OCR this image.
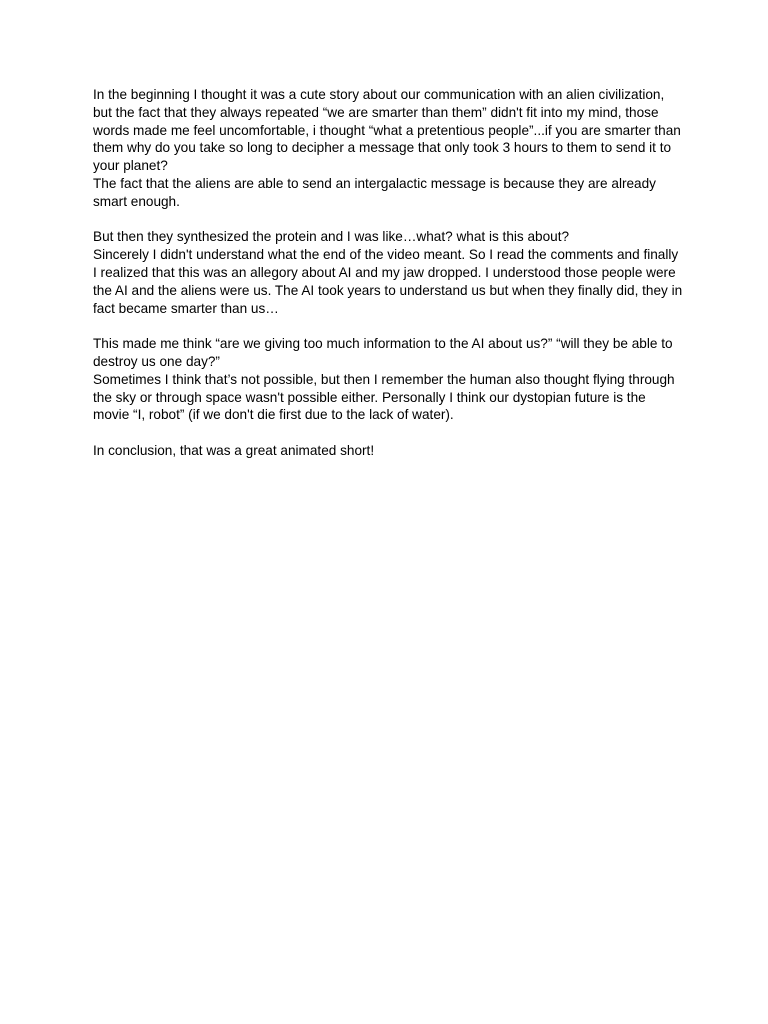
In the beginning I thought it was a cute story about our communication with an alien civilization, but the fact that they always repeated “we are smarter than them” didn't fit into my mind, those words made me feel uncomfortable, i thought “what a pretentious people”...if you are smarter than them why do you take so long to decipher a message that only took 3 hours to them to send it to your planet?

The fact that the aliens are able to send an intergalactic message is because they are already smart enough.

But then they synthesized the protein and I was like…what? what is this about?

Sincerely I didn't understand what the end of the video meant. So I read the comments and finally I realized that this was an allegory about AI and my jaw dropped. I understood those people were the AI and the aliens were us. The AI took years to understand us but when they finally did, they in fact became smarter than us…

This made me think “are we giving too much information to the AI about us?” “will they be able to destroy us one day?”

Sometimes I think that’s not possible, but then I remember the human also thought flying through the sky or through space wasn't possible either. Personally I think our dystopian future is the movie “I, robot” (if we don't die first due to the lack of water).

In conclusion, that was a great animated short!
